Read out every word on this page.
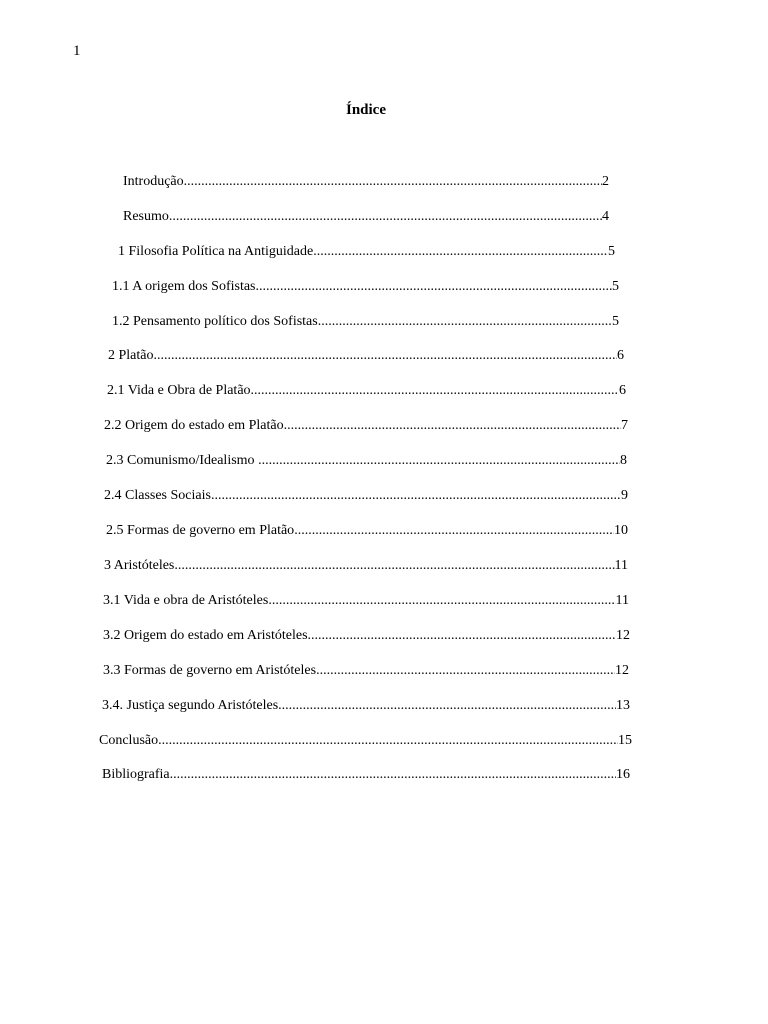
1
Índice
Introdução .....	2
Resumo .....	4
1 Filosofia Política na Antiguidade .....	5
1.1 A origem dos Sofistas .....	5
1.2 Pensamento político dos Sofistas .....	5
2 Platão .....	6
2.1 Vida e Obra de Platão .....	6
2.2 Origem do estado em Platão .....	7
2.3 Comunismo/Idealismo .....	8
2.4 Classes Sociais .....	9
2.5 Formas de governo em Platão .....	10
3 Aristóteles .....	11
3.1 Vida e obra de Aristóteles .....	11
3.2 Origem do estado em Aristóteles .....	12
3.3 Formas de governo em Aristóteles .....	12
3.4. Justiça segundo Aristóteles .....	13
Conclusão .....	15
Bibliografia .....	16
